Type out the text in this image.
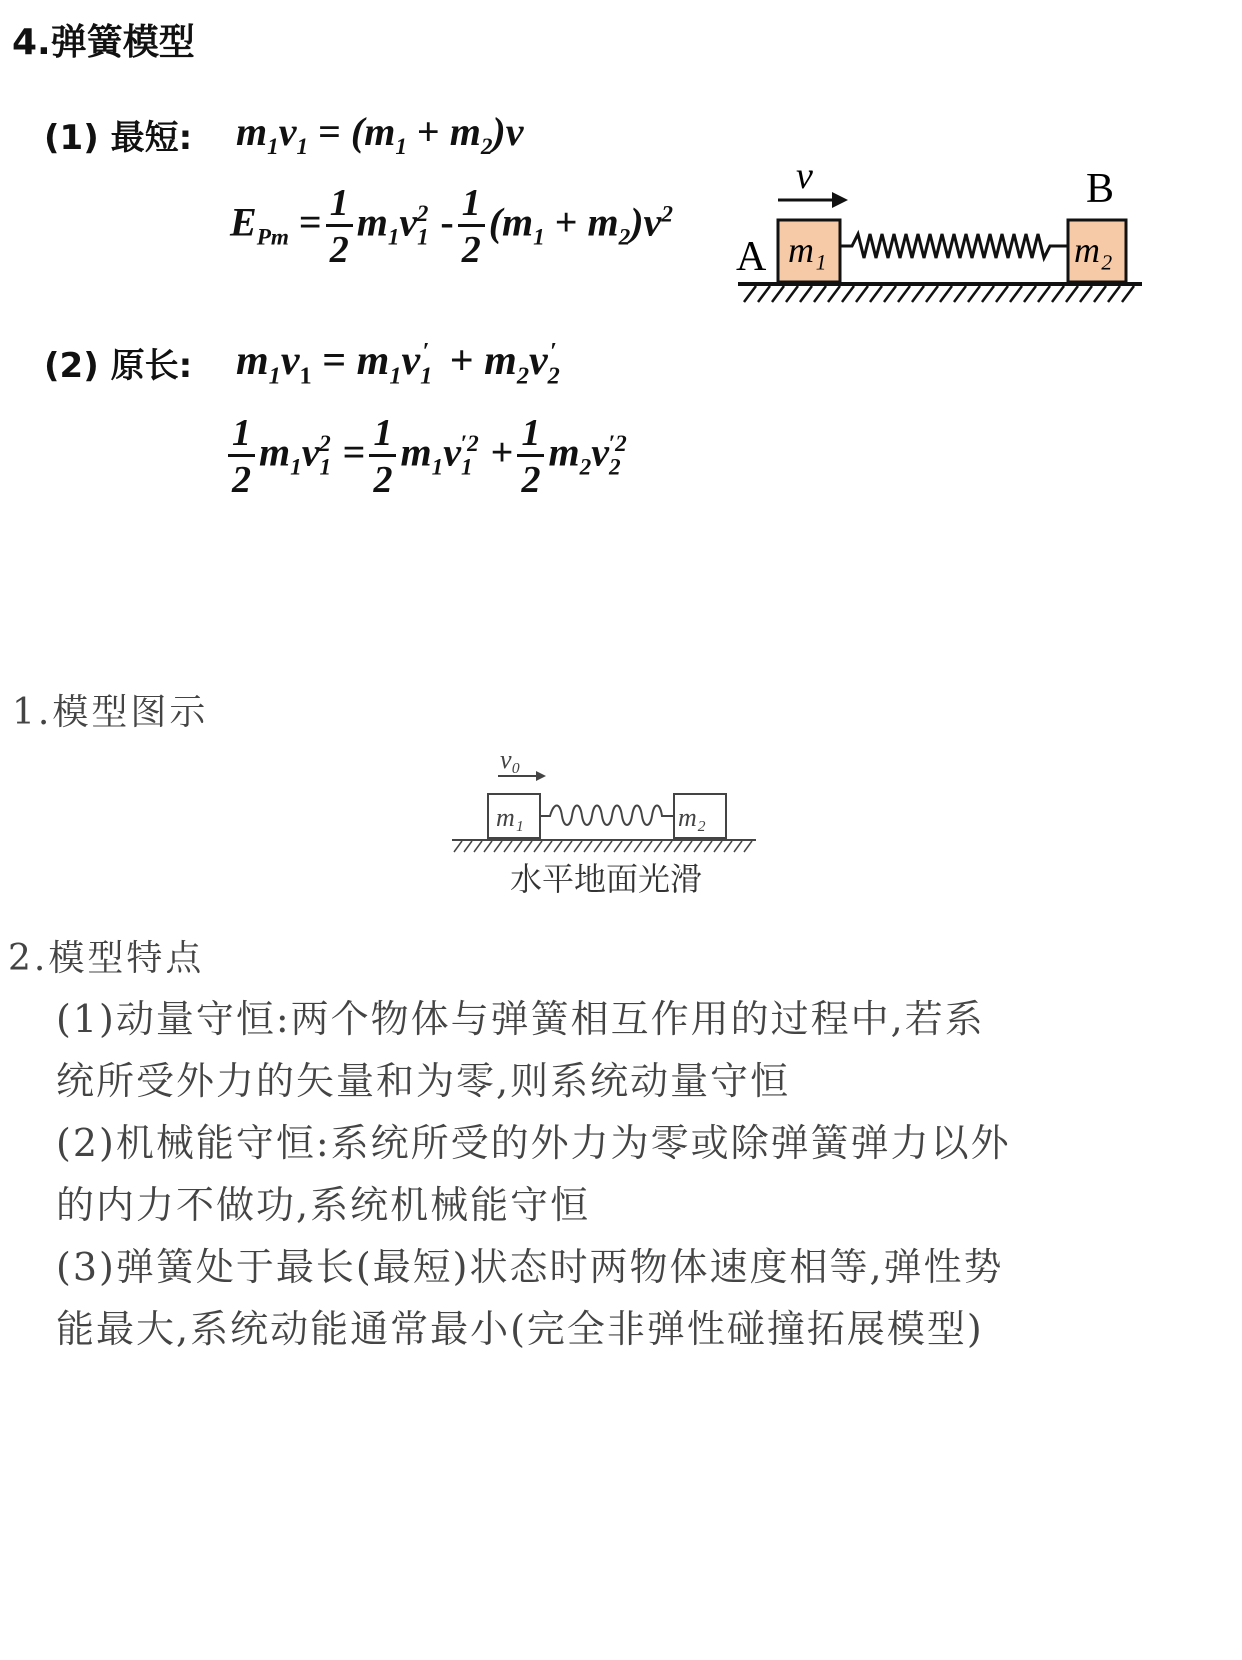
4.弹簧模型
(1) 最短: $m_1v_1 = (m_1 + m_2)v$
$E_{Pm} = \frac{1}{2} m_1v_1^2 - \frac{1}{2} (m_1 + m_2)v^2$
v
A
B
m₁	m₂
(2) 原长: $m_1v_1 = m_1v_1' + m_2v_2'$
$\frac{1}{2} m_1v_1^2 = \frac{1}{2} m_1v_1^{'2} + \frac{1}{2} m_2v_2^{'2}$
1.模型图示
v₀
m₁	m₂
水平地面光滑
2.模型特点
(1)动量守恒:两个物体与弹簧相互作用的过程中,若系
统所受外力的矢量和为零,则系统动量守恒
(2)机械能守恒:系统所受的外力为零或除弹簧弹力以外
的内力不做功,系统机械能守恒
(3)弹簧处于最长(最短)状态时两物体速度相等,弹性势
能最大,系统动能通常最小(完全非弹性碰撞拓展模型)
